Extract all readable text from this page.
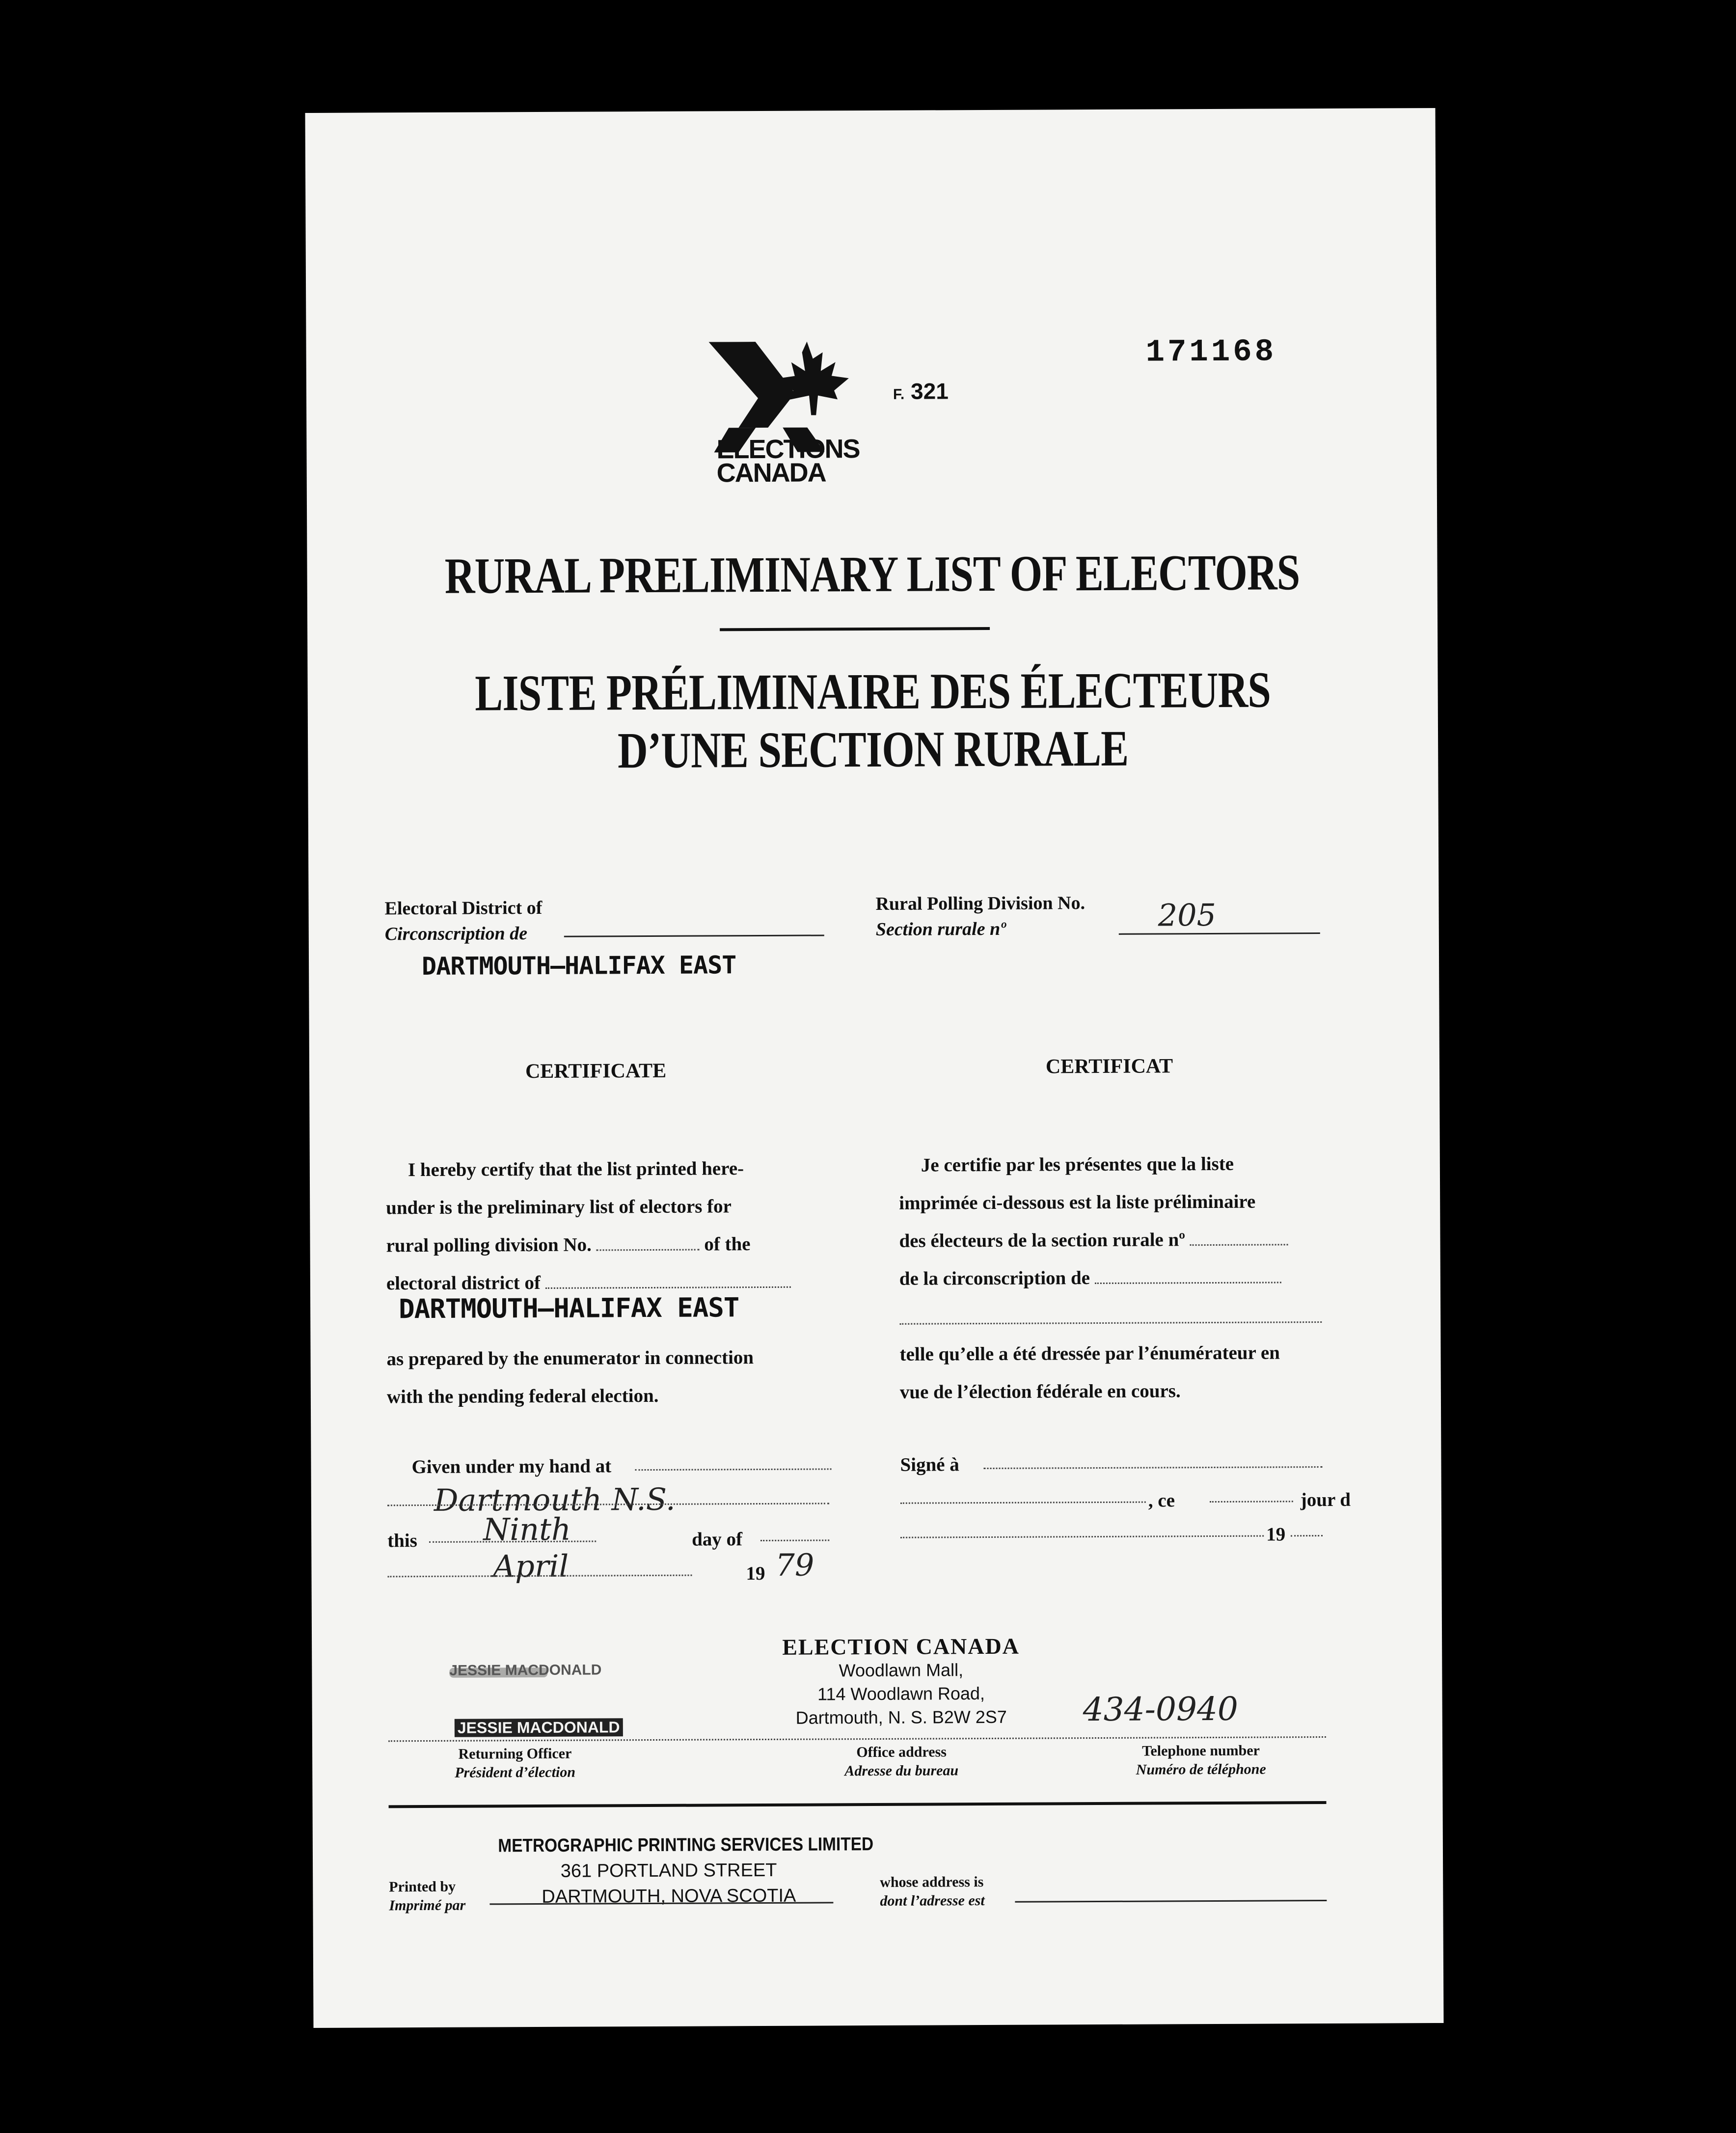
ELECTIONS
CANADA
F. 321
171168
RURAL PRELIMINARY LIST OF ELECTORS
LISTE PRÉLIMINAIRE DES ÉLECTEURS
D’UNE SECTION RURALE
Electoral District of
Circonscription de
DARTMOUTH–HALIFAX EAST
Rural Polling Division No.
Section rurale nº	205
CERTIFICATE	CERTIFICAT
I hereby certify that the list printed here-
under is the preliminary list of electors for
rural polling division No.	of the
electoral district of
DARTMOUTH–HALIFAX EAST
as prepared by the enumerator in connection
with the pending federal election.
Je certifie par les présentes que la liste
imprimée ci-dessous est la liste préliminaire
des électeurs de la section rurale nº
de la circonscription de
telle qu’elle a été dressée par l’énumérateur en
vue de l’élection fédérale en cours.
Given under my hand at
Dartmouth N.S.
this Ninth	day of
April	19 79
Signé à
, ce	jour d
19
JESSIE MACDONALD
JESSIE MACDONALD
Returning Officer
Président d’élection
ELECTION CANADA
Woodlawn Mall,
114 Woodlawn Road,
Dartmouth, N. S. B2W 2S7
Office address
Adresse du bureau
434-0940
Telephone number
Numéro de téléphone
METROGRAPHIC PRINTING SERVICES LIMITED
361 PORTLAND STREET
DARTMOUTH, NOVA SCOTIA
Printed by
Imprimé par
whose address is
dont l’adresse est
